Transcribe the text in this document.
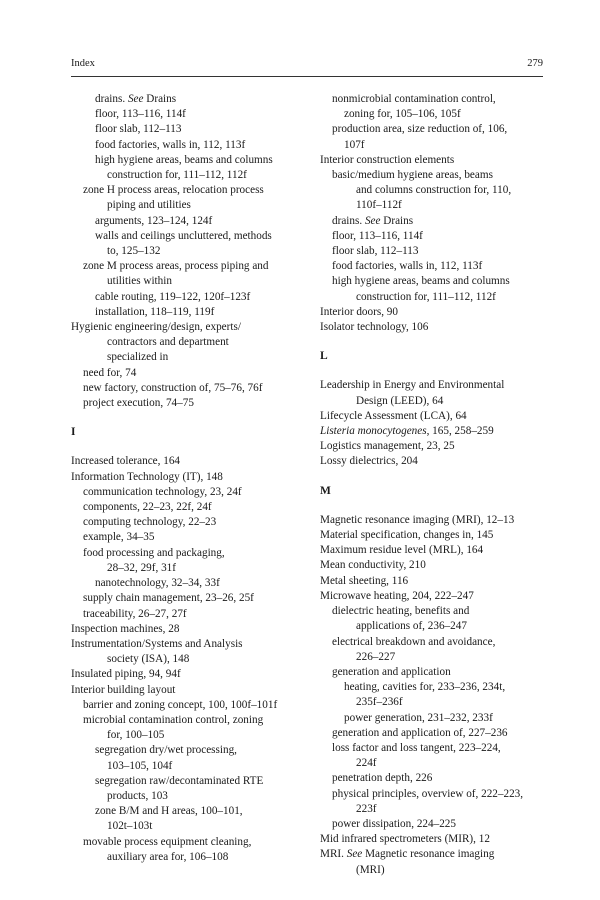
Index	279
drains. See Drains
floor, 113–116, 114f
floor slab, 112–113
food factories, walls in, 112, 113f
high hygiene areas, beams and columns
construction for, 111–112, 112f
zone H process areas, relocation process
piping and utilities
arguments, 123–124, 124f
walls and ceilings uncluttered, methods
to, 125–132
zone M process areas, process piping and
utilities within
cable routing, 119–122, 120f–123f
installation, 118–119, 119f
Hygienic engineering/design, experts/
contractors and department
specialized in
need for, 74
new factory, construction of, 75–76, 76f
project execution, 74–75
I
Increased tolerance, 164
Information Technology (IT), 148
communication technology, 23, 24f
components, 22–23, 22f, 24f
computing technology, 22–23
example, 34–35
food processing and packaging,
28–32, 29f, 31f
nanotechnology, 32–34, 33f
supply chain management, 23–26, 25f
traceability, 26–27, 27f
Inspection machines, 28
Instrumentation/Systems and Analysis
society (ISA), 148
Insulated piping, 94, 94f
Interior building layout
barrier and zoning concept, 100, 100f–101f
microbial contamination control, zoning
for, 100–105
segregation dry/wet processing,
103–105, 104f
segregation raw/decontaminated RTE
products, 103
zone B/M and H areas, 100–101,
102t–103t
movable process equipment cleaning,
auxiliary area for, 106–108
nonmicrobial contamination control,
zoning for, 105–106, 105f
production area, size reduction of, 106,
107f
Interior construction elements
basic/medium hygiene areas, beams
and columns construction for, 110,
110f–112f
drains. See Drains
floor, 113–116, 114f
floor slab, 112–113
food factories, walls in, 112, 113f
high hygiene areas, beams and columns
construction for, 111–112, 112f
Interior doors, 90
Isolator technology, 106
L
Leadership in Energy and Environmental
Design (LEED), 64
Lifecycle Assessment (LCA), 64
Listeria monocytogenes, 165, 258–259
Logistics management, 23, 25
Lossy dielectrics, 204
M
Magnetic resonance imaging (MRI), 12–13
Material specification, changes in, 145
Maximum residue level (MRL), 164
Mean conductivity, 210
Metal sheeting, 116
Microwave heating, 204, 222–247
dielectric heating, benefits and
applications of, 236–247
electrical breakdown and avoidance,
226–227
generation and application
heating, cavities for, 233–236, 234t,
235f–236f
power generation, 231–232, 233f
generation and application of, 227–236
loss factor and loss tangent, 223–224,
224f
penetration depth, 226
physical principles, overview of, 222–223,
223f
power dissipation, 224–225
Mid infrared spectrometers (MIR), 12
MRI. See Magnetic resonance imaging
(MRI)
